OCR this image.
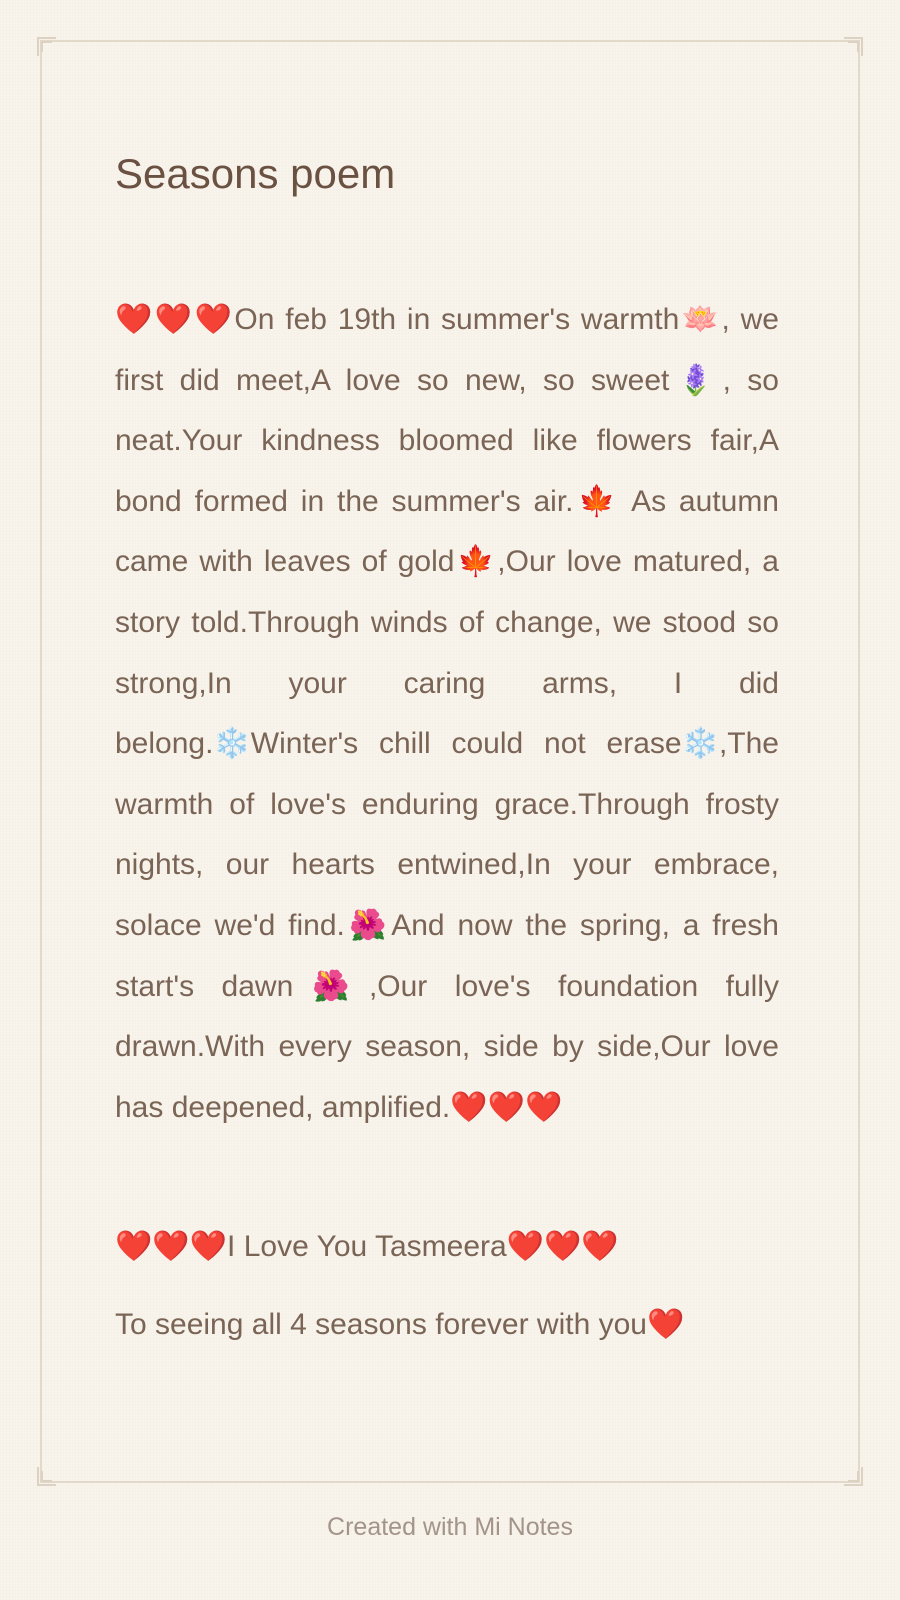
Seasons poem

❤️❤️❤️On feb 19th in summer's warmth🪷, we first did meet,A love so new, so sweet🪻, so neat.Your kindness bloomed like flowers fair,A bond formed in the summer's air.🍁 As autumn came with leaves of gold🍁,Our love matured, a story told.Through winds of change, we stood so strong,In your caring arms, I did belong.❄️Winter's chill could not erase❄️,The warmth of love's enduring grace.Through frosty nights, our hearts entwined,In your embrace, solace we'd find.🌺And now the spring, a fresh start's dawn🌺,Our love's foundation fully drawn.With every season, side by side,Our love has deepened, amplified.❤️❤️❤️

❤️❤️❤️I Love You Tasmeera❤️❤️❤️

To seeing all 4 seasons forever with you❤️

Created with Mi Notes
